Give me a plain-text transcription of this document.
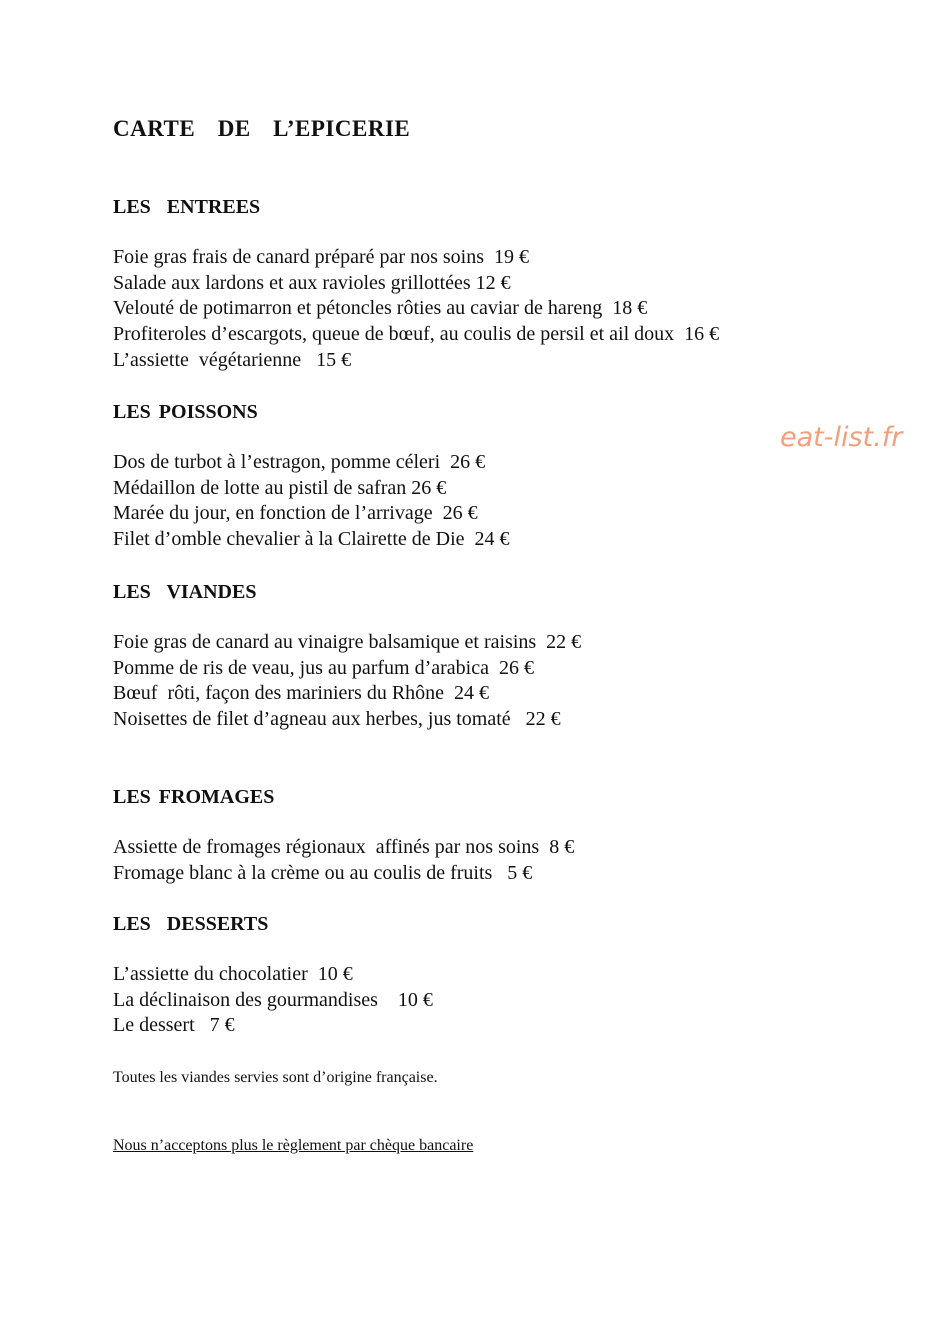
CARTE  DE  L’EPICERIE
LES  ENTREES
Foie gras frais de canard préparé par nos soins  19 €
Salade aux lardons et aux ravioles grillottées 12 €
Velouté de potimarron et pétoncles rôties au caviar de hareng  18 €
Profiteroles d’escargots, queue de bœuf, au coulis de persil et ail doux  16 €
L’assiette  végétarienne   15 €
LES POISSONS
Dos de turbot à l’estragon, pomme céleri  26 €
Médaillon de lotte au pistil de safran 26 €
Marée du jour, en fonction de l’arrivage  26 €
Filet d’omble chevalier à la Clairette de Die  24 €
LES  VIANDES
Foie gras de canard au vinaigre balsamique et raisins  22 €
Pomme de ris de veau, jus au parfum d’arabica  26 €
Bœuf  rôti, façon des mariniers du Rhône  24 €
Noisettes de filet d’agneau aux herbes, jus tomaté   22 €
LES FROMAGES
Assiette de fromages régionaux  affinés par nos soins  8 €
Fromage blanc à la crème ou au coulis de fruits   5 €
LES  DESSERTS
L’assiette du chocolatier  10 €
La déclinaison des gourmandises    10 €
Le dessert   7 €
Toutes les viandes servies sont d’origine française.
Nous n’acceptons plus le règlement par chèque bancaire
eat-list.fr
